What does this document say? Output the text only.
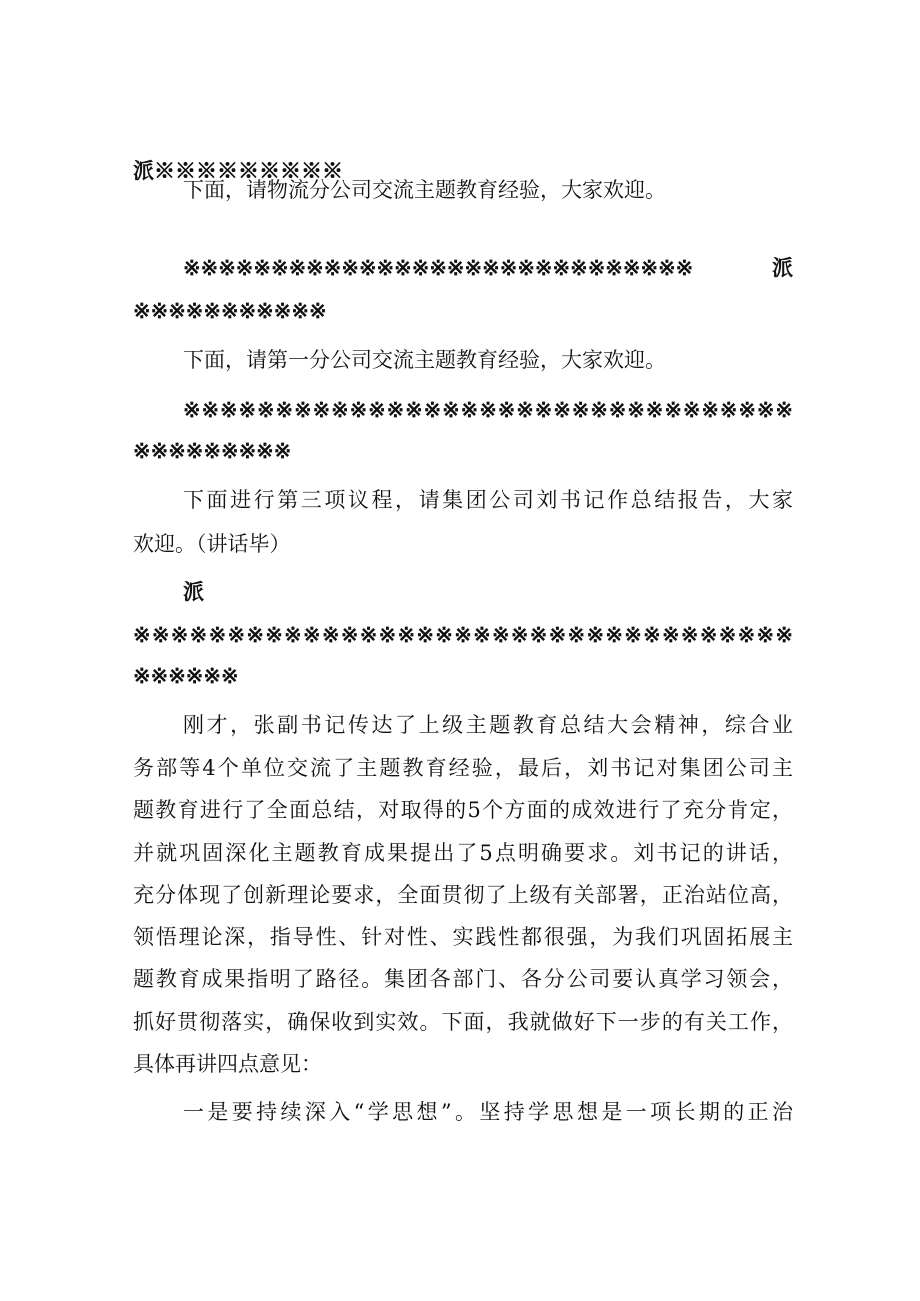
派※※※※※※※※※
下面，请物流分公司交流主题教育经验，大家欢迎。
※※※※※※※※※※※※※※※※※※※※※※※※※※※※※	派
※※※※※※※※※※※
下面，请第一分公司交流主题教育经验，大家欢迎。
※※※※※※※※※※※※※※※※※※※※※※※※※※※※※※※※※
※※※※※※※※※
下面进行第三项议程，请集团公司刘书记作总结报告，大家
欢迎。（讲话毕）
派
※※※※※※※※※※※※※※※※※※※※※※※※※※※※※※※※※※※
※※※※※※
刚才，张副书记传达了上级主题教育总结大会精神，综合业
务部等4个单位交流了主题教育经验，最后，刘书记对集团公司主
题教育进行了全面总结，对取得的5个方面的成效进行了充分肯定，
并就巩固深化主题教育成果提出了5点明确要求。刘书记的讲话，
充分体现了创新理论要求，全面贯彻了上级有关部署，正治站位高，
领悟理论深，指导性、针对性、实践性都很强，为我们巩固拓展主
题教育成果指明了路径。集团各部门、各分公司要认真学习领会，
抓好贯彻落实，确保收到实效。下面，我就做好下一步的有关工作，
具体再讲四点意见：
一是要持续深入“学思想”。坚持学思想是一项长期的正治
